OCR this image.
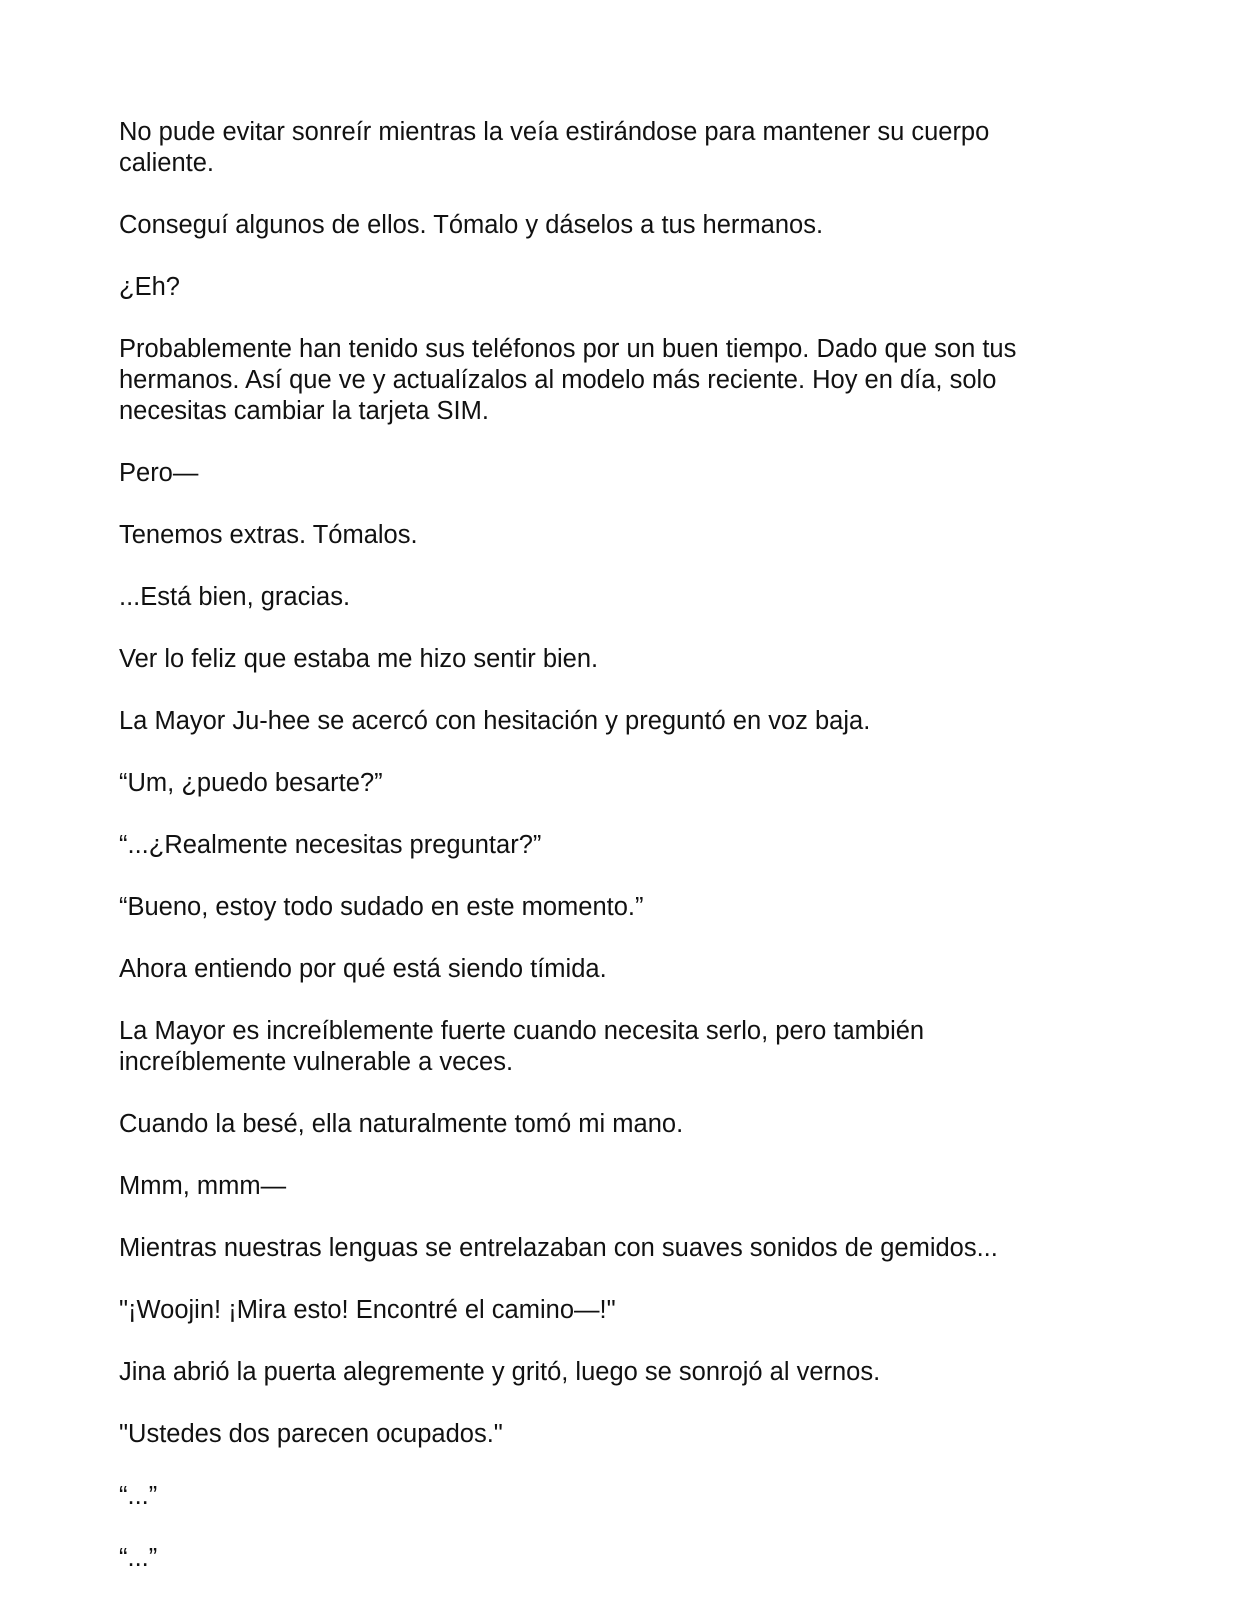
No pude evitar sonreír mientras la veía estirándose para mantener su cuerpo caliente.

Conseguí algunos de ellos. Tómalo y dáselos a tus hermanos.

¿Eh?

Probablemente han tenido sus teléfonos por un buen tiempo. Dado que son tus hermanos. Así que ve y actualízalos al modelo más reciente. Hoy en día, solo necesitas cambiar la tarjeta SIM.

Pero—

Tenemos extras. Tómalos.

...Está bien, gracias.

Ver lo feliz que estaba me hizo sentir bien.

La Mayor Ju-hee se acercó con hesitación y preguntó en voz baja.

“Um, ¿puedo besarte?”

“...¿Realmente necesitas preguntar?”

“Bueno, estoy todo sudado en este momento.”

Ahora entiendo por qué está siendo tímida.

La Mayor es increíblemente fuerte cuando necesita serlo, pero también increíblemente vulnerable a veces.

Cuando la besé, ella naturalmente tomó mi mano.

Mmm, mmm—

Mientras nuestras lenguas se entrelazaban con suaves sonidos de gemidos...

"¡Woojin! ¡Mira esto! Encontré el camino—!"

Jina abrió la puerta alegremente y gritó, luego se sonrojó al vernos.

"Ustedes dos parecen ocupados."

“...”

“...”
